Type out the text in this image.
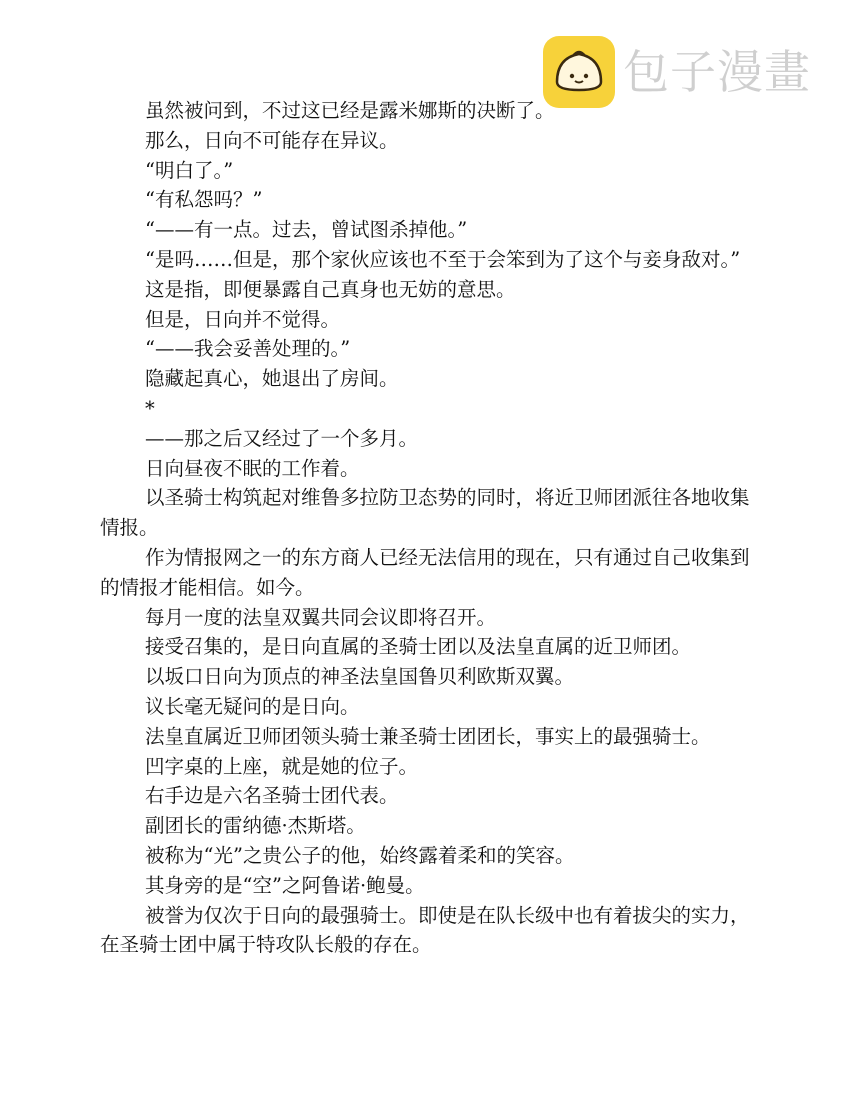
包子漫畫

虽然被问到，不过这已经是露米娜斯的决断了。

那么，日向不可能存在异议。

“明白了。”

“有私怨吗？”

“——有一点。过去，曾试图杀掉他。”

“是吗……但是，那个家伙应该也不至于会笨到为了这个与妾身敌对。”

这是指，即便暴露自己真身也无妨的意思。

但是，日向并不觉得。

“——我会妥善处理的。”

隐藏起真心，她退出了房间。

*

——那之后又经过了一个多月。

日向昼夜不眠的工作着。

以圣骑士构筑起对维鲁多拉防卫态势的同时，将近卫师团派往各地收集情报。

作为情报网之一的东方商人已经无法信用的现在，只有通过自己收集到的情报才能相信。如今。

每月一度的法皇双翼共同会议即将召开。

接受召集的，是日向直属的圣骑士团以及法皇直属的近卫师团。

以坂口日向为顶点的神圣法皇国鲁贝利欧斯双翼。

议长毫无疑问的是日向。

法皇直属近卫师团领头骑士兼圣骑士团团长，事实上的最强骑士。

凹字桌的上座，就是她的位子。

右手边是六名圣骑士团代表。

副团长的雷纳德·杰斯塔。

被称为“光”之贵公子的他，始终露着柔和的笑容。

其身旁的是“空”之阿鲁诺·鲍曼。

被誉为仅次于日向的最强骑士。即使是在队长级中也有着拔尖的实力，在圣骑士团中属于特攻队长般的存在。
